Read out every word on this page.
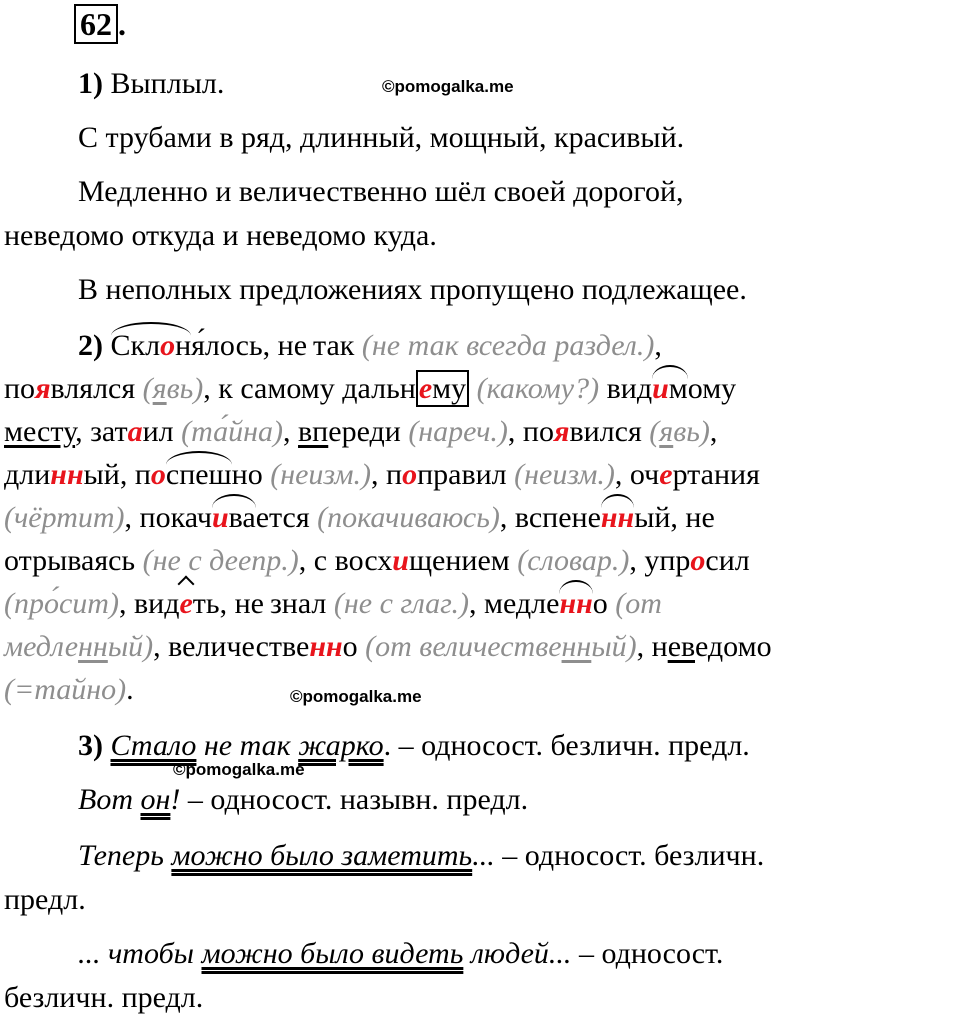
62 .
1) Выплыл.	©pomogalka.me
С трубами в ряд, длинный, мощный, красивый.
Медленно и величественно шёл своей дорогой,
неведомо откуда и неведомо куда.
В неполных предложениях пропущено подлежащее.
2) Склоня́лось, не так (не так всегда раздел.),
появлялся (явь), к самому дальн ему (какому?) видимому
месту, затаил (та́йна), впереди (нареч.), появился (явь),
длинный, поспешно (неизм.), поправил (неизм.), очертания
(чёртит), покачивается (покачиваюсь), вспененный, не
отрываясь (не с деепр.), с восхищением (словар.), упросил
(про́сит), видеть, не знал (не с глаг.), медленно (от
медленный), величественно (от величественный), неведомо
(=тайно).	©pomogalka.me
3) Стало не так жарко. – односост. безличн. предл.
©pomogalka.me
Вот он! – односост. назывн. предл.
Теперь можно было заметить... – односост. безличн.
предл.
... чтобы можно было видеть людей... – односост.
безличн. предл.
